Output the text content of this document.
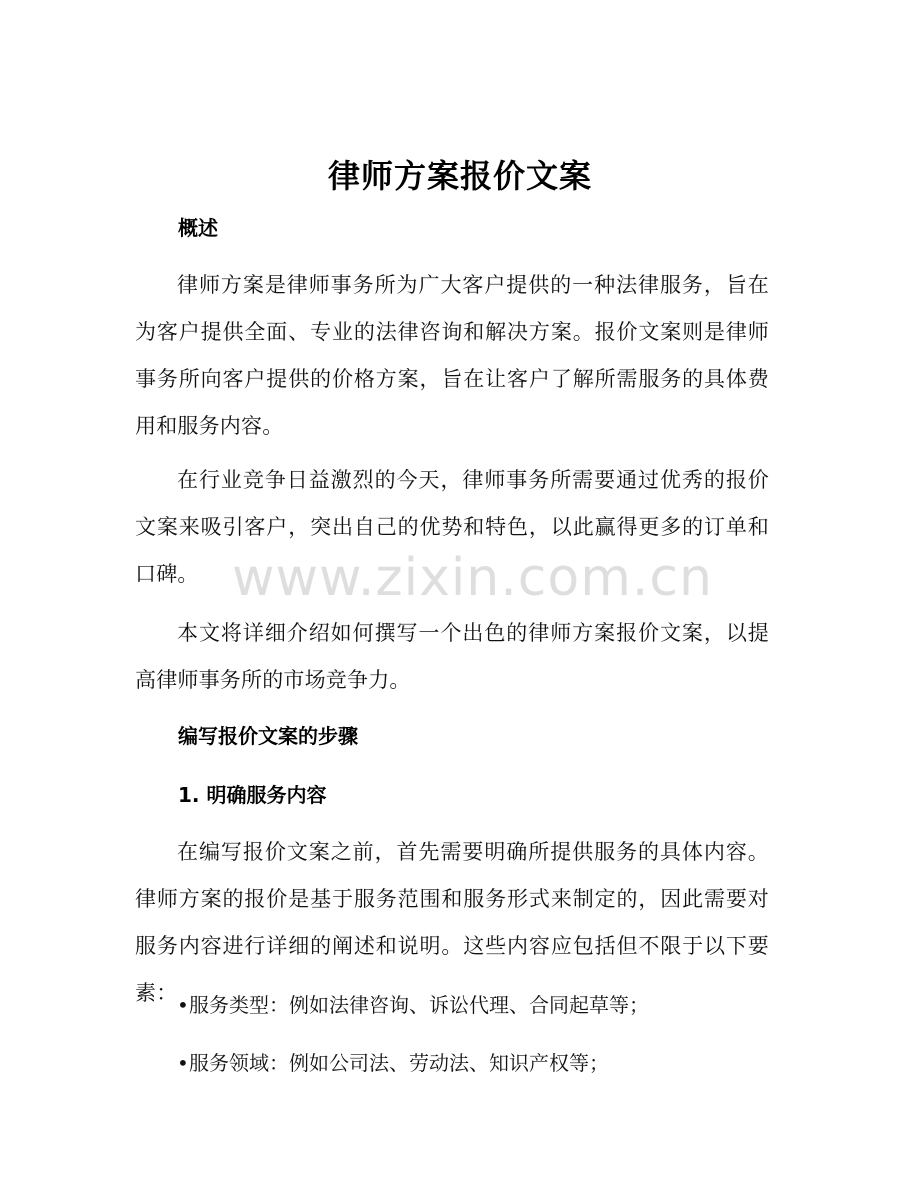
律师方案报价文案
概述
律师方案是律师事务所为广大客户提供的一种法律服务，旨在为客户提供全面、专业的法律咨询和解决方案。报价文案则是律师事务所向客户提供的价格方案，旨在让客户了解所需服务的具体费用和服务内容。
在行业竞争日益激烈的今天，律师事务所需要通过优秀的报价文案来吸引客户，突出自己的优势和特色，以此赢得更多的订单和口碑。
本文将详细介绍如何撰写一个出色的律师方案报价文案，以提高律师事务所的市场竞争力。
编写报价文案的步骤
1. 明确服务内容
在编写报价文案之前，首先需要明确所提供服务的具体内容。律师方案的报价是基于服务范围和服务形式来制定的，因此需要对服务内容进行详细的阐述和说明。这些内容应包括但不限于以下要素： •服务类型：例如法律咨询、诉讼代理、合同起草等；
•服务领域：例如公司法、劳动法、知识产权等；
www.zixin.com.cn
